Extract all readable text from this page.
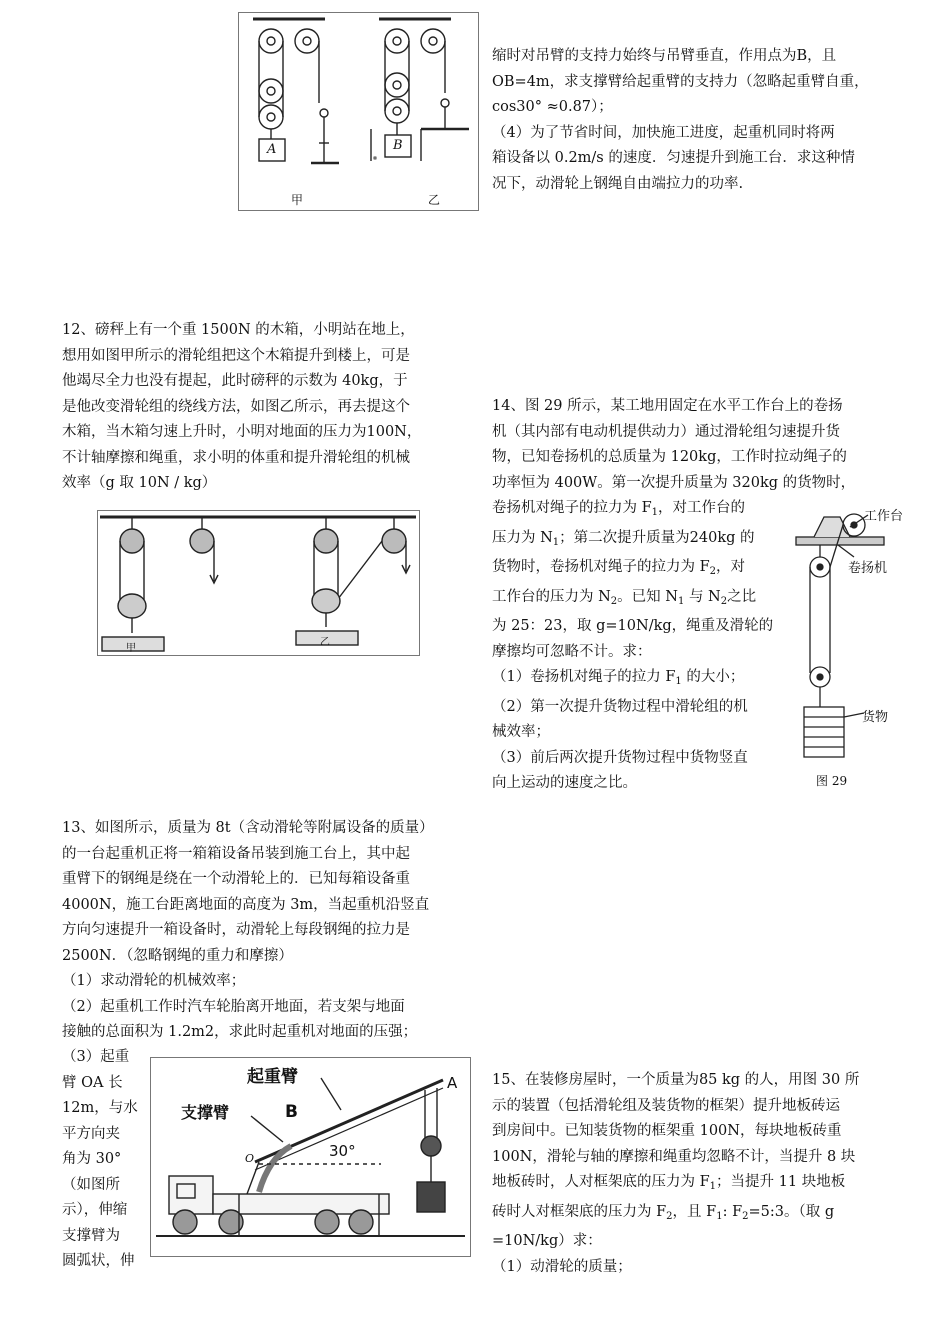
A	B
甲	乙

缩时对吊臂的支持力始终与吊臂垂直，作用点为B，且

OB=4m，求支撑臂给起重臂的支持力（忽略起重臂自重，

cos30° ≈0.87）；

（4）为了节省时间，加快施工进度，起重机同时将两

箱设备以 0.2m/s 的速度．匀速提升到施工台．求这种情

况下，动滑轮上钢绳自由端拉力的功率.

12、磅秤上有一个重 1500N 的木箱，小明站在地上，

想用如图甲所示的滑轮组把这个木箱提升到楼上，可是

他竭尽全力也没有提起，此时磅秤的示数为 40kg，于

是他改变滑轮组的绕线方法，如图乙所示，再去提这个

木箱，当木箱匀速上升时，小明对地面的压力为100N，

不计轴摩擦和绳重，求小明的体重和提升滑轮组的机械

效率（g 取 10N / kg）

甲
乙

14、图 29 所示，某工地用固定在水平工作台上的卷扬

机（其内部有电动机提供动力）通过滑轮组匀速提升货

物，已知卷扬机的总质量为 120kg，工作时拉动绳子的

功率恒为 400W。第一次提升质量为 320kg 的货物时，

卷扬机对绳子的拉力为 $F_1$，对工作台的

压力为 $N_1$；第二次提升质量为240kg 的

货物时，卷扬机对绳子的拉力为 $F_2$，对

工作台的压力为 $N_2$。已知 $N_1$ 与 $N_2$之比

为 25：23，取 g=10N/kg，绳重及滑轮的

摩擦均可忽略不计。求：

（1）卷扬机对绳子的拉力 $F_1$ 的大小；

（2）第一次提升货物过程中滑轮组的机

械效率；

（3）前后两次提升货物过程中货物竖直

向上运动的速度之比。

工作台
卷扬机
货物
图 29

13、如图所示，质量为 8t（含动滑轮等附属设备的质量）

的一台起重机正将一箱箱设备吊装到施工台上，其中起

重臂下的钢绳是绕在一个动滑轮上的．已知每箱设备重

4000N，施工台距离地面的高度为 3m，当起重机沿竖直

方向匀速提升一箱设备时，动滑轮上每段钢绳的拉力是

2500N．（忽略钢绳的重力和摩擦）

（1）求动滑轮的机械效率；

（2）起重机工作时汽车轮胎离开地面，若支架与地面

接触的总面积为 1.2m2，求此时起重机对地面的压强；

（3）起重

臂 OA 长

12m，与水

平方向夹

角为 30°

（如图所

示），伸缩

支撑臂为

圆弧状，伸

起重臂
支撑臂	B
A
O	30°

15、在装修房屋时，一个质量为85 kg 的人，用图 30 所

示的装置（包括滑轮组及装货物的框架）提升地板砖运

到房间中。已知装货物的框架重 100N，每块地板砖重

100N，滑轮与轴的摩擦和绳重均忽略不计，当提升 8 块

地板砖时，人对框架底的压力为 $F_1$；当提升 11 块地板

砖时人对框架底的压力为 $F_2$，且 $F_1$: $F_2=5:3$。（取 g

=10N/kg）求：

（1）动滑轮的质量；
